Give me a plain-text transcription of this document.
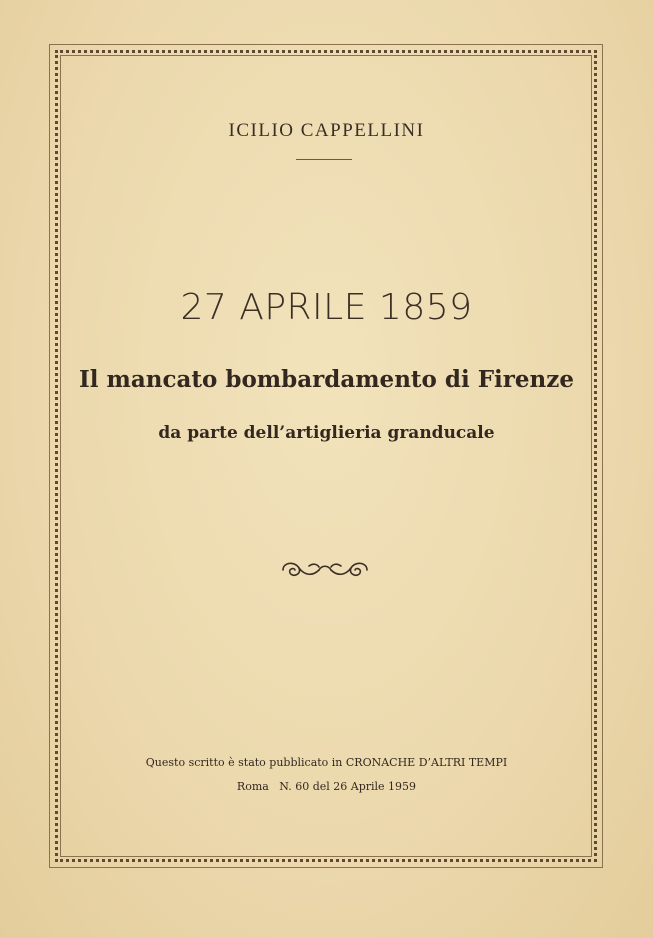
ICILIO CAPPELLINI
27 APRILE 1859
Il mancato bombardamento di Firenze
da parte dell’artiglieria granducale
Questo scritto è stato pubblicato in CRONACHE D’ALTRI TEMPI
Roma   N. 60 del 26 Aprile 1959
